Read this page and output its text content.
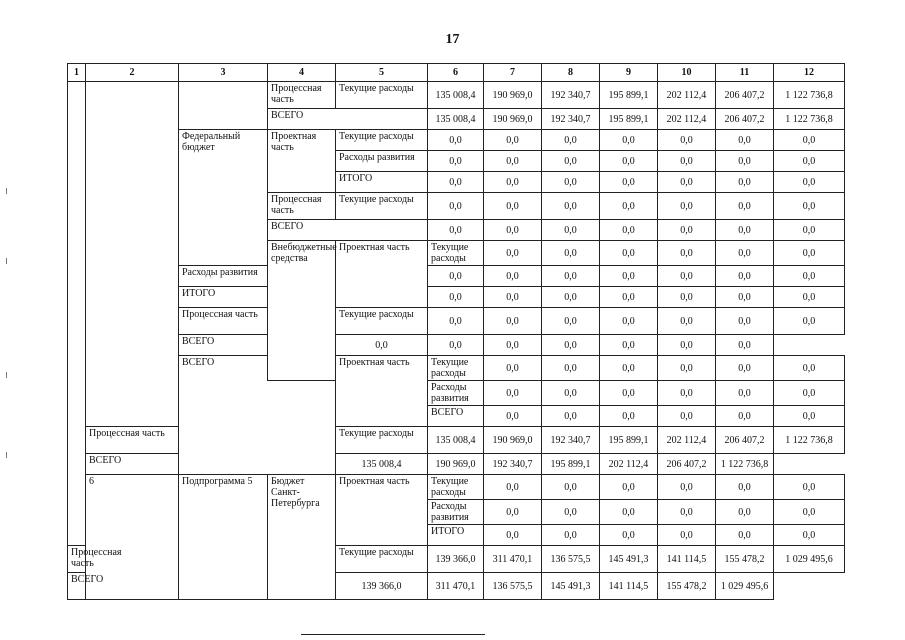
17
1	2	3	4	5	6	7	8	9	10	11	12	
			Процессная часть	Текущие расходы	135 008,4	190 969,0	192 340,7	195 899,1	202 112,4	206 407,2	1 122 736,8	
			ВСЕГО		135 008,4	190 969,0	192 340,7	195 899,1	202 112,4	206 407,2	1 122 736,8	
		Федеральный бюджет	Проектная часть	Текущие расходы	0,0	0,0	0,0	0,0	0,0	0,0	0,0	
				Расходы развития	0,0	0,0	0,0	0,0	0,0	0,0	0,0	
				ИТОГО	0,0	0,0	0,0	0,0	0,0	0,0	0,0	
			Процессная часть	Текущие расходы	0,0	0,0	0,0	0,0	0,0	0,0	0,0	
			ВСЕГО		0,0	0,0	0,0	0,0	0,0	0,0	0,0	
			Внебюджетные средства	Проектная часть	Текущие расходы	0,0	0,0	0,0	0,0	0,0	0,0	
		Расходы развития			0,0	0,0	0,0	0,0	0,0	0,0	0,0	
		ИТОГО			0,0	0,0	0,0	0,0	0,0	0,0	0,0	
		Процессная часть		Текущие расходы	0,0	0,0	0,0	0,0	0,0	0,0	0,0	
		ВСЕГО		0,0	0,0	0,0	0,0	0,0	0,0	0,0		
		ВСЕГО		Проектная часть	Текущие расходы	0,0	0,0	0,0	0,0	0,0	0,0	
					Расходы развития	0,0	0,0	0,0	0,0	0,0	0,0	
					ВСЕГО	0,0	0,0	0,0	0,0	0,0	0,0	
	Процессная часть			Текущие расходы	135 008,4	190 969,0	192 340,7	195 899,1	202 112,4	206 407,2	1 122 736,8	
	ВСЕГО			135 008,4	190 969,0	192 340,7	195 899,1	202 112,4	206 407,2	1 122 736,8		
	6	Подпрограмма 5	Бюджет Санкт-Петербурга	Проектная часть	Текущие расходы	0,0	0,0	0,0	0,0	0,0	0,0	
					Расходы развития	0,0	0,0	0,0	0,0	0,0	0,0	
					ИТОГО	0,0	0,0	0,0	0,0	0,0	0,0	
Процессная часть				Текущие расходы	139 366,0	311 470,1	136 575,5	145 491,3	141 114,5	155 478,2	1 029 495,6	
ВСЕГО				139 366,0	311 470,1	136 575,5	145 491,3	141 114,5	155 478,2	1 029 495,6		
